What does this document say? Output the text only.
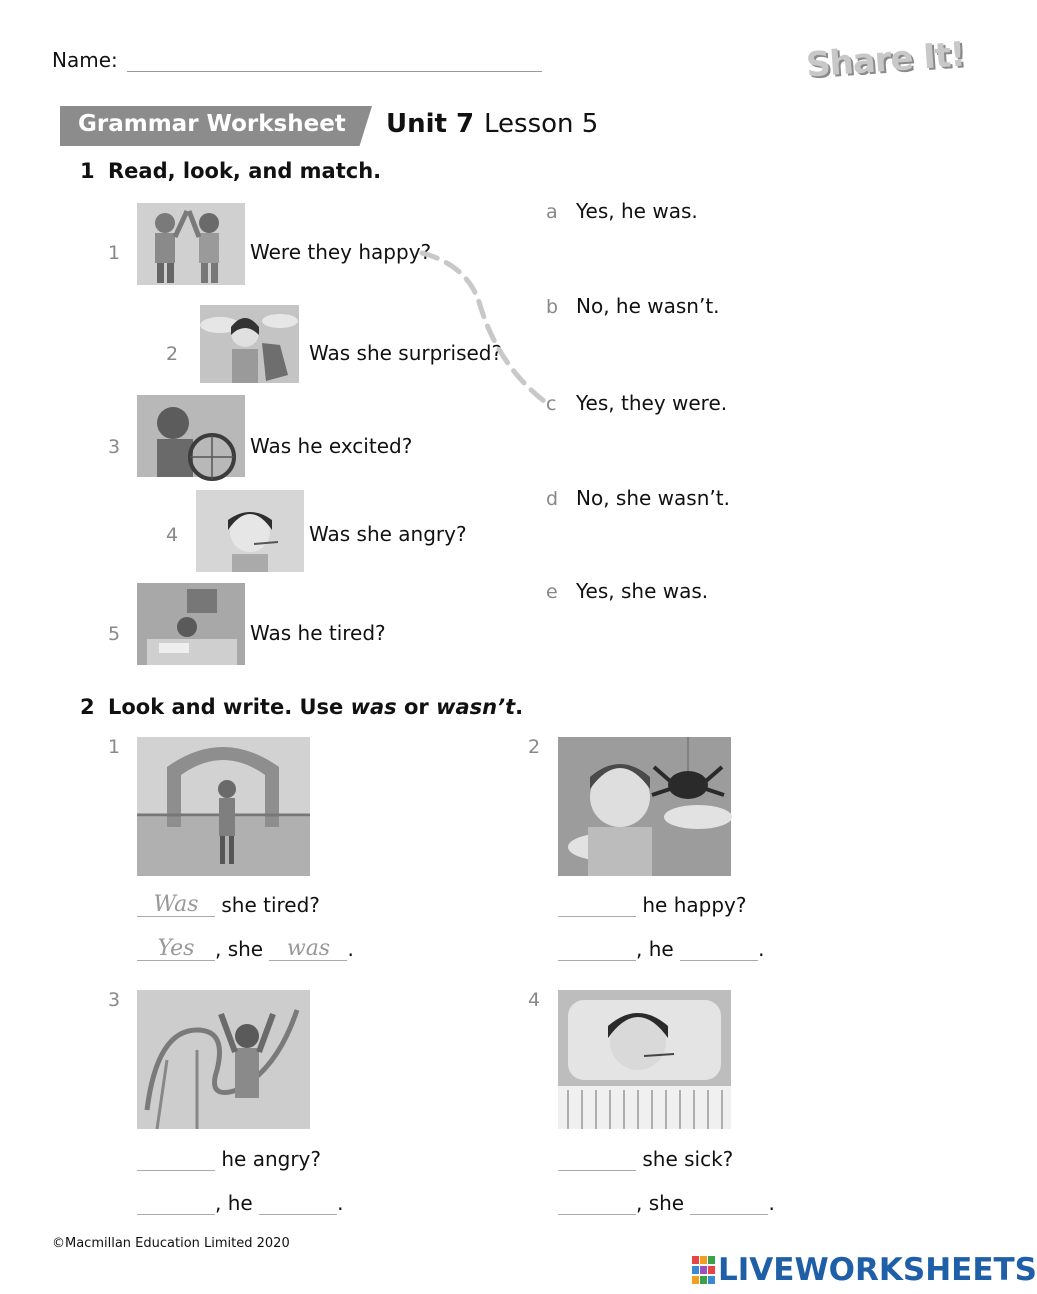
Name:	Share It!
Grammar Worksheet Unit 7 Lesson 5
1 Read, look, and match.
1	Were they happy?
2	Was she surprised?
3	Was he excited?
4	Was she angry?
5	Was he tired?
a Yes, he was.
b No, he wasn’t.
c Yes, they were.
d No, she wasn’t.
e Yes, she was.
2 Look and write. Use was or wasn’t.
1
Was she tired?
Yes , she was .
2
he happy?
, he	.
3
he angry?
, he	.
4
she sick?
, she	.
©Macmillan Education Limited 2020
LIVEWORKSHEETS
